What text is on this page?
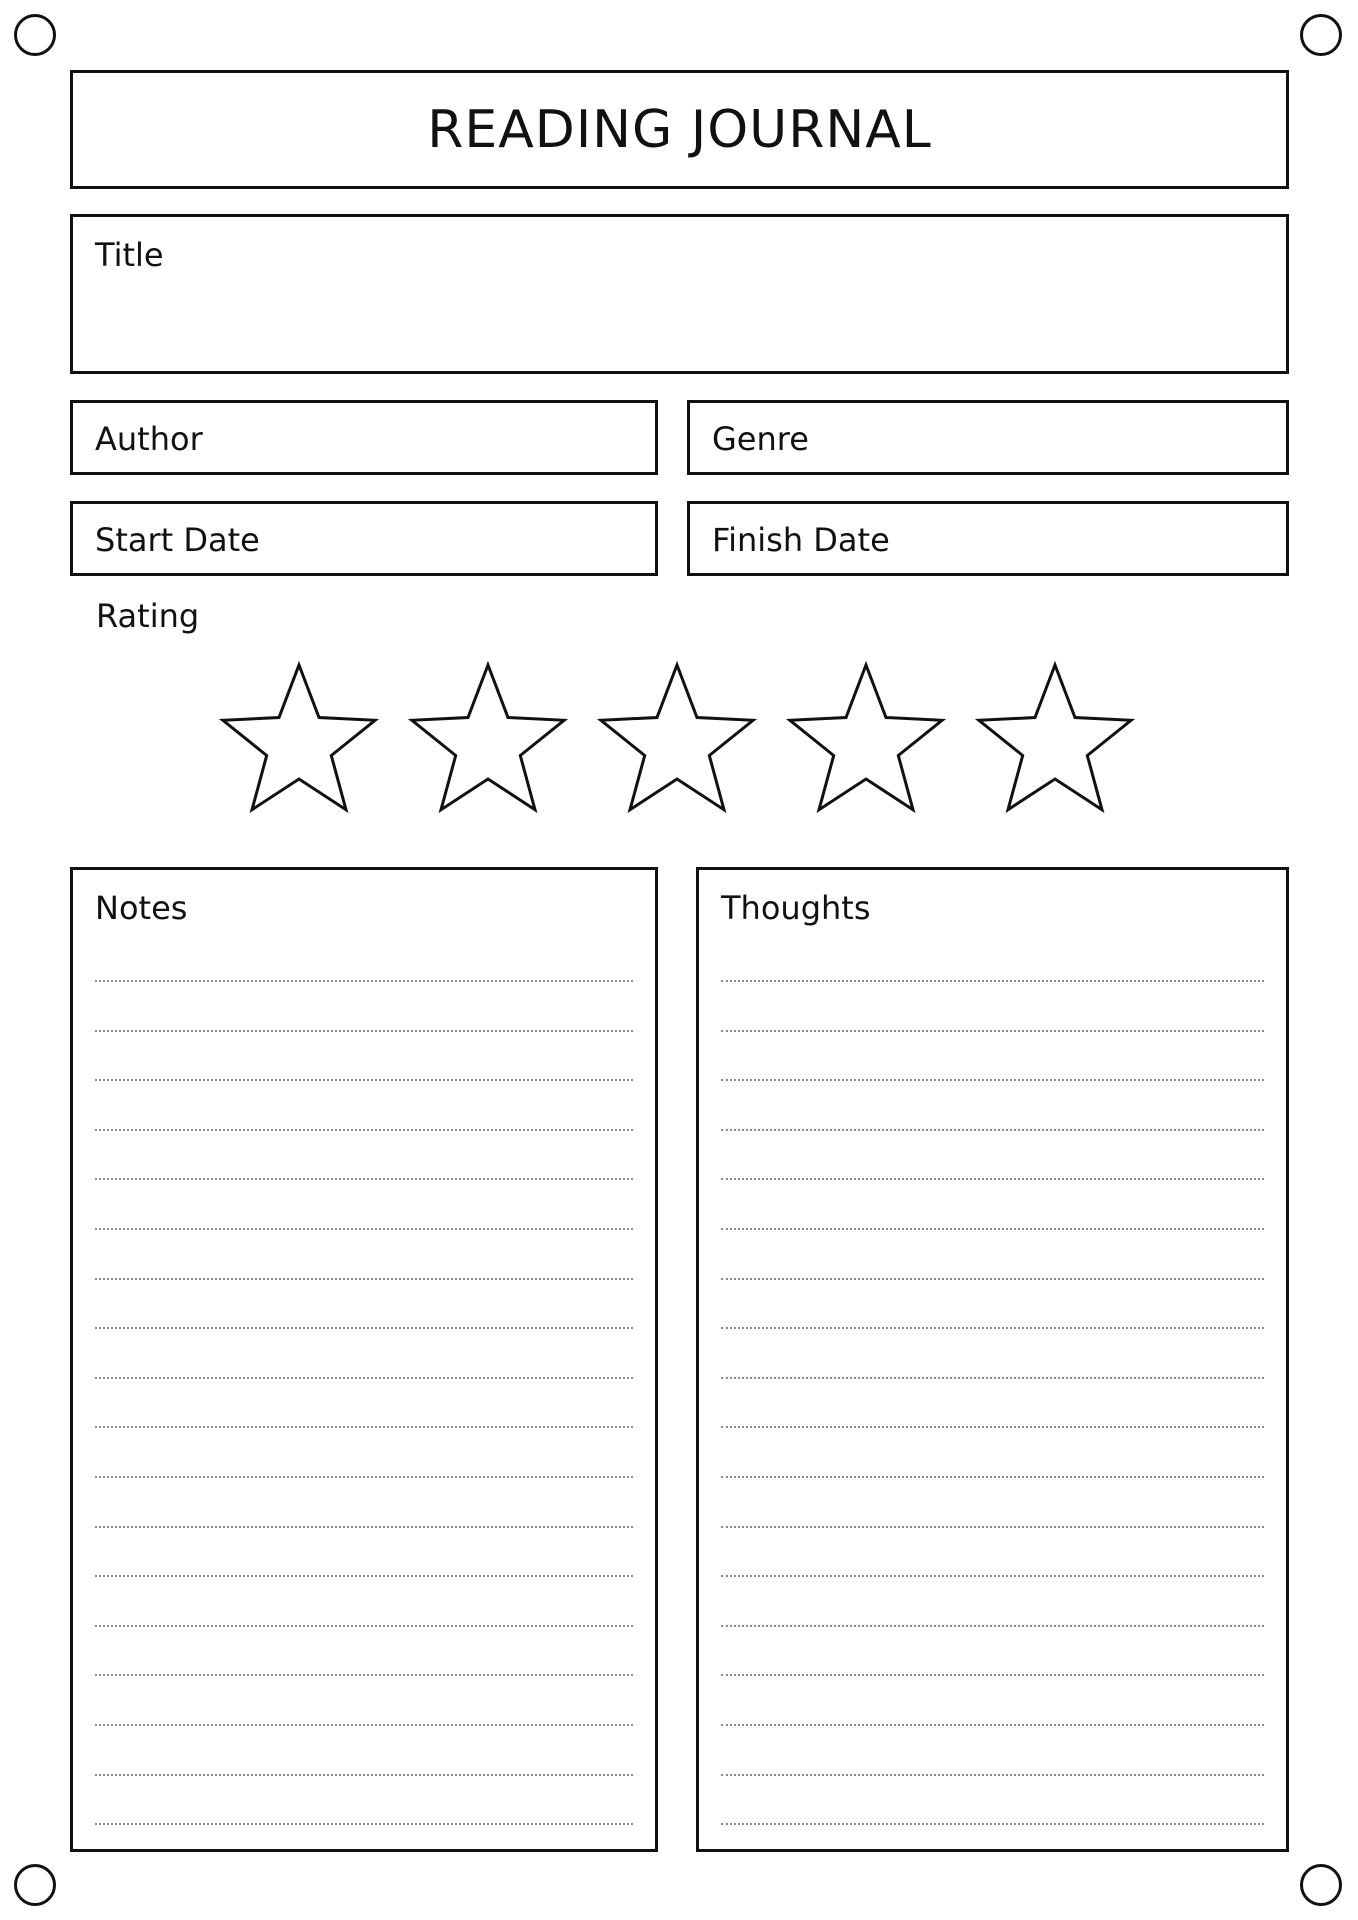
READING JOURNAL
Title
Author	Genre
Start Date	Finish Date
Rating
Notes	Thoughts
